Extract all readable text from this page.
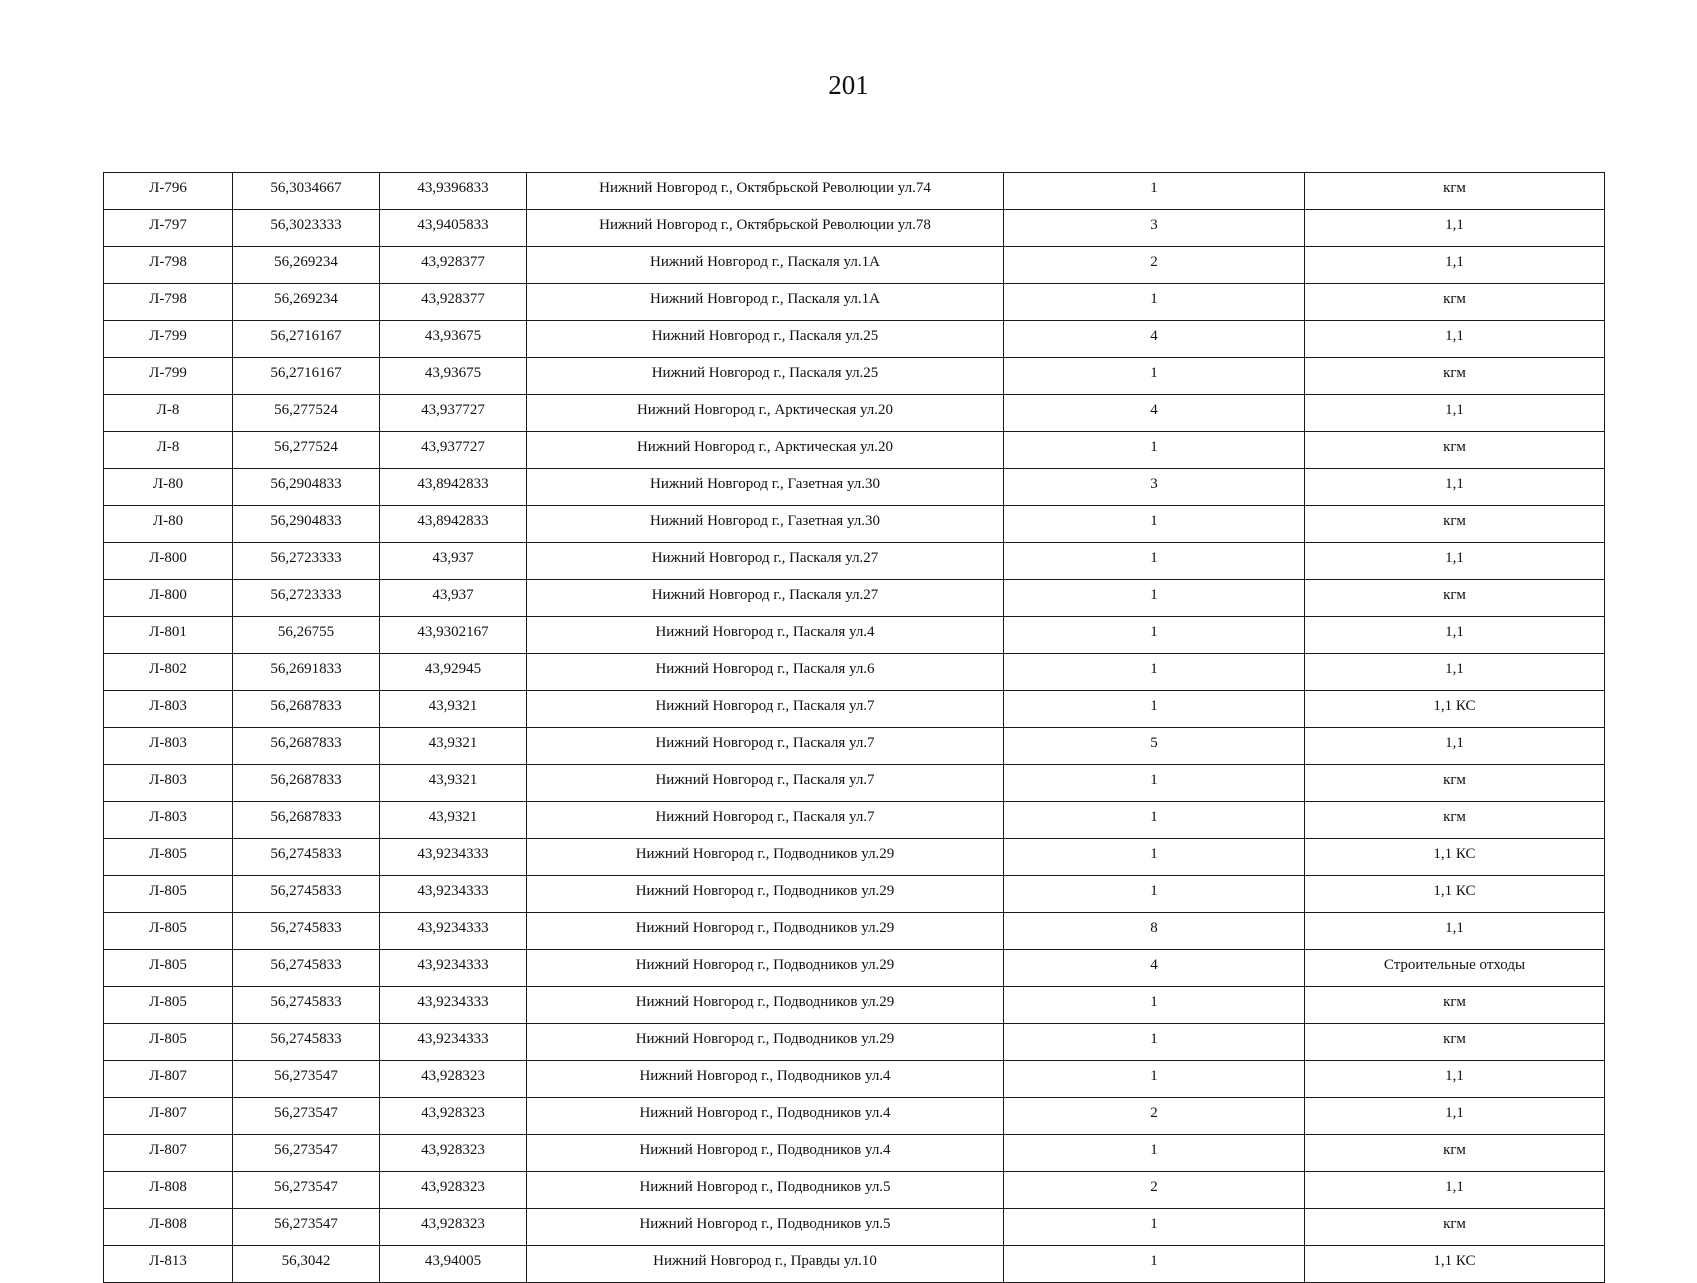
201
Л-796	56,3034667	43,9396833	Нижний Новгород г., Октябрьской Революции ул.74	1	кгм
Л-797	56,3023333	43,9405833	Нижний Новгород г., Октябрьской Революции ул.78	3	1,1
Л-798	56,269234	43,928377	Нижний Новгород г., Паскаля ул.1А	2	1,1
Л-798	56,269234	43,928377	Нижний Новгород г., Паскаля ул.1А	1	кгм
Л-799	56,2716167	43,93675	Нижний Новгород г., Паскаля ул.25	4	1,1
Л-799	56,2716167	43,93675	Нижний Новгород г., Паскаля ул.25	1	кгм
Л-8	56,277524	43,937727	Нижний Новгород г., Арктическая ул.20	4	1,1
Л-8	56,277524	43,937727	Нижний Новгород г., Арктическая ул.20	1	кгм
Л-80	56,2904833	43,8942833	Нижний Новгород г., Газетная ул.30	3	1,1
Л-80	56,2904833	43,8942833	Нижний Новгород г., Газетная ул.30	1	кгм
Л-800	56,2723333	43,937	Нижний Новгород г., Паскаля ул.27	1	1,1
Л-800	56,2723333	43,937	Нижний Новгород г., Паскаля ул.27	1	кгм
Л-801	56,26755	43,9302167	Нижний Новгород г., Паскаля ул.4	1	1,1
Л-802	56,2691833	43,92945	Нижний Новгород г., Паскаля ул.6	1	1,1
Л-803	56,2687833	43,9321	Нижний Новгород г., Паскаля ул.7	1	1,1 КС
Л-803	56,2687833	43,9321	Нижний Новгород г., Паскаля ул.7	5	1,1
Л-803	56,2687833	43,9321	Нижний Новгород г., Паскаля ул.7	1	кгм
Л-803	56,2687833	43,9321	Нижний Новгород г., Паскаля ул.7	1	кгм
Л-805	56,2745833	43,9234333	Нижний Новгород г., Подводников ул.29	1	1,1 КС
Л-805	56,2745833	43,9234333	Нижний Новгород г., Подводников ул.29	1	1,1 КС
Л-805	56,2745833	43,9234333	Нижний Новгород г., Подводников ул.29	8	1,1
Л-805	56,2745833	43,9234333	Нижний Новгород г., Подводников ул.29	4	Строительные отходы
Л-805	56,2745833	43,9234333	Нижний Новгород г., Подводников ул.29	1	кгм
Л-805	56,2745833	43,9234333	Нижний Новгород г., Подводников ул.29	1	кгм
Л-807	56,273547	43,928323	Нижний Новгород г., Подводников ул.4	1	1,1
Л-807	56,273547	43,928323	Нижний Новгород г., Подводников ул.4	2	1,1
Л-807	56,273547	43,928323	Нижний Новгород г., Подводников ул.4	1	кгм
Л-808	56,273547	43,928323	Нижний Новгород г., Подводников ул.5	2	1,1
Л-808	56,273547	43,928323	Нижний Новгород г., Подводников ул.5	1	кгм
Л-813	56,3042	43,94005	Нижний Новгород г., Правды ул.10	1	1,1 КС
